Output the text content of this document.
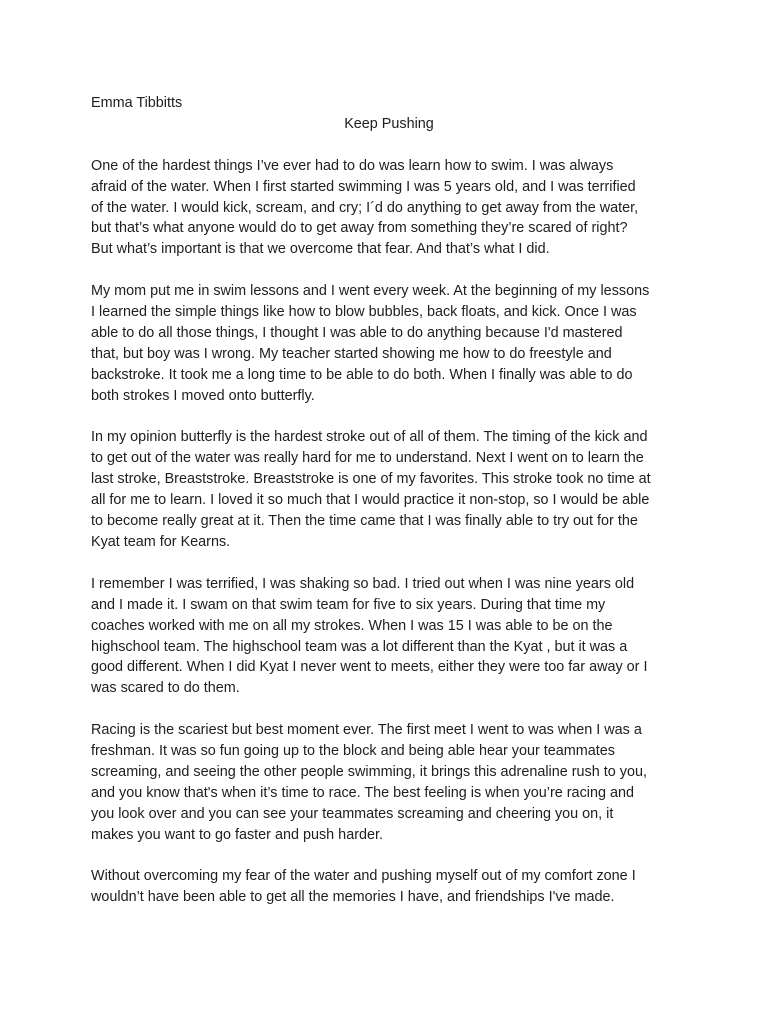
Emma Tibbitts
Keep Pushing

One of the hardest things I’ve ever had to do was learn how to swim. I was always
afraid of the water. When I first started swimming I was 5 years old, and I was terrified
of the water. I would kick, scream, and cry; I´d do anything to get away from the water,
but that’s what anyone would do to get away from something they’re scared of right?
But what’s important is that we overcome that fear. And that’s what I did.

My mom put me in swim lessons and I went every week. At the beginning of my lessons
I learned the simple things like how to blow bubbles, back floats, and kick. Once I was
able to do all those things, I thought I was able to do anything because I'd mastered
that, but boy was I wrong. My teacher started showing me how to do freestyle and
backstroke. It took me a long time to be able to do both. When I finally was able to do
both strokes I moved onto butterfly.

In my opinion butterfly is the hardest stroke out of all of them. The timing of the kick and
to get out of the water was really hard for me to understand. Next I went on to learn the
last stroke, Breaststroke. Breaststroke is one of my favorites. This stroke took no time at
all for me to learn. I loved it so much that I would practice it non-stop, so I would be able
to become really great at it. Then the time came that I was finally able to try out for the
Kyat team for Kearns.

I remember I was terrified, I was shaking so bad. I tried out when I was nine years old
and I made it. I swam on that swim team for five to six years. During that time my
coaches worked with me on all my strokes. When I was 15 I was able to be on the
highschool team. The highschool team was a lot different than the Kyat , but it was a
good different. When I did Kyat I never went to meets, either they were too far away or I
was scared to do them.

Racing is the scariest but best moment ever. The first meet I went to was when I was a
freshman. It was so fun going up to the block and being able hear your teammates
screaming, and seeing the other people swimming, it brings this adrenaline rush to you,
and you know that's when it’s time to race. The best feeling is when you’re racing and
you look over and you can see your teammates screaming and cheering you on, it
makes you want to go faster and push harder.

Without overcoming my fear of the water and pushing myself out of my comfort zone I
wouldn’t have been able to get all the memories I have, and friendships I've made.
